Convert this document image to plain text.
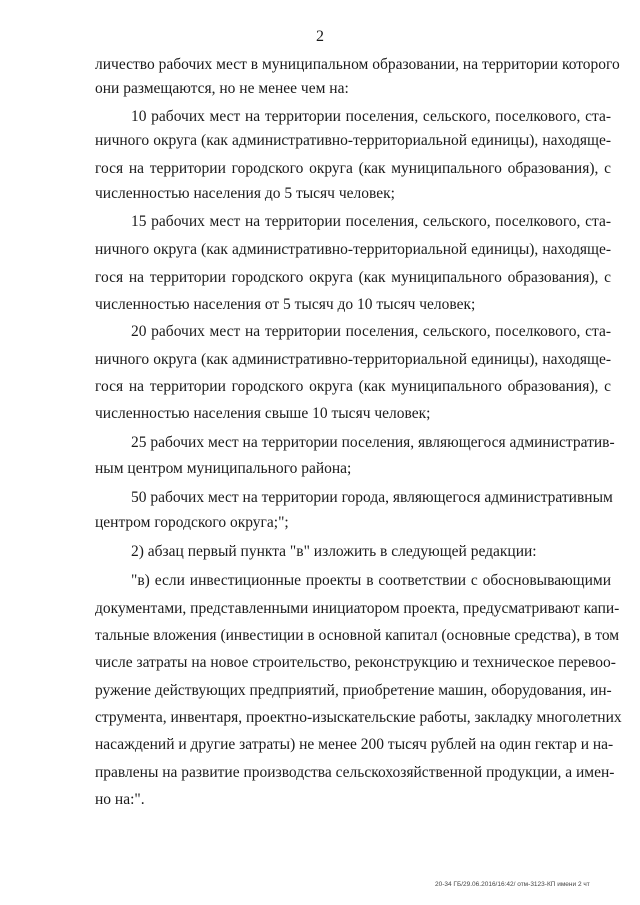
2
личество рабочих мест в муниципальном образовании, на территории которого
они размещаются, но не менее чем на:
10 рабочих мест на территории поселения, сельского, поселкового, ста-
ничного округа (как административно-территориальной единицы), находяще-
гося на территории городского округа (как муниципального образования), с
численностью населения до 5 тысяч человек;
15 рабочих мест на территории поселения, сельского, поселкового, ста-
ничного округа (как административно-территориальной единицы), находяще-
гося на территории городского округа (как муниципального образования), с
численностью населения от 5 тысяч до 10 тысяч человек;
20 рабочих мест на территории поселения, сельского, поселкового, ста-
ничного округа (как административно-территориальной единицы), находяще-
гося на территории городского округа (как муниципального образования), с
численностью населения свыше 10 тысяч человек;
25 рабочих мест на территории поселения, являющегося административ-
ным центром муниципального района;
50 рабочих мест на территории города, являющегося административным
центром городского округа;";
2) абзац первый пункта "в" изложить в следующей редакции:
"в) если инвестиционные проекты в соответствии с обосновывающими
документами, представленными инициатором проекта, предусматривают капи-
тальные вложения (инвестиции в основной капитал (основные средства), в том
числе затраты на новое строительство, реконструкцию и техническое перевоо-
ружение действующих предприятий, приобретение машин, оборудования, ин-
струмента, инвентаря, проектно-изыскательские работы, закладку многолетних
насаждений и другие затраты) не менее 200 тысяч рублей на один гектар и на-
правлены на развитие производства сельскохозяйственной продукции, а имен-
но на:".
20-34 ГБ/29.06.2016/16:42/ отм-3123-КП имени 2 чт
